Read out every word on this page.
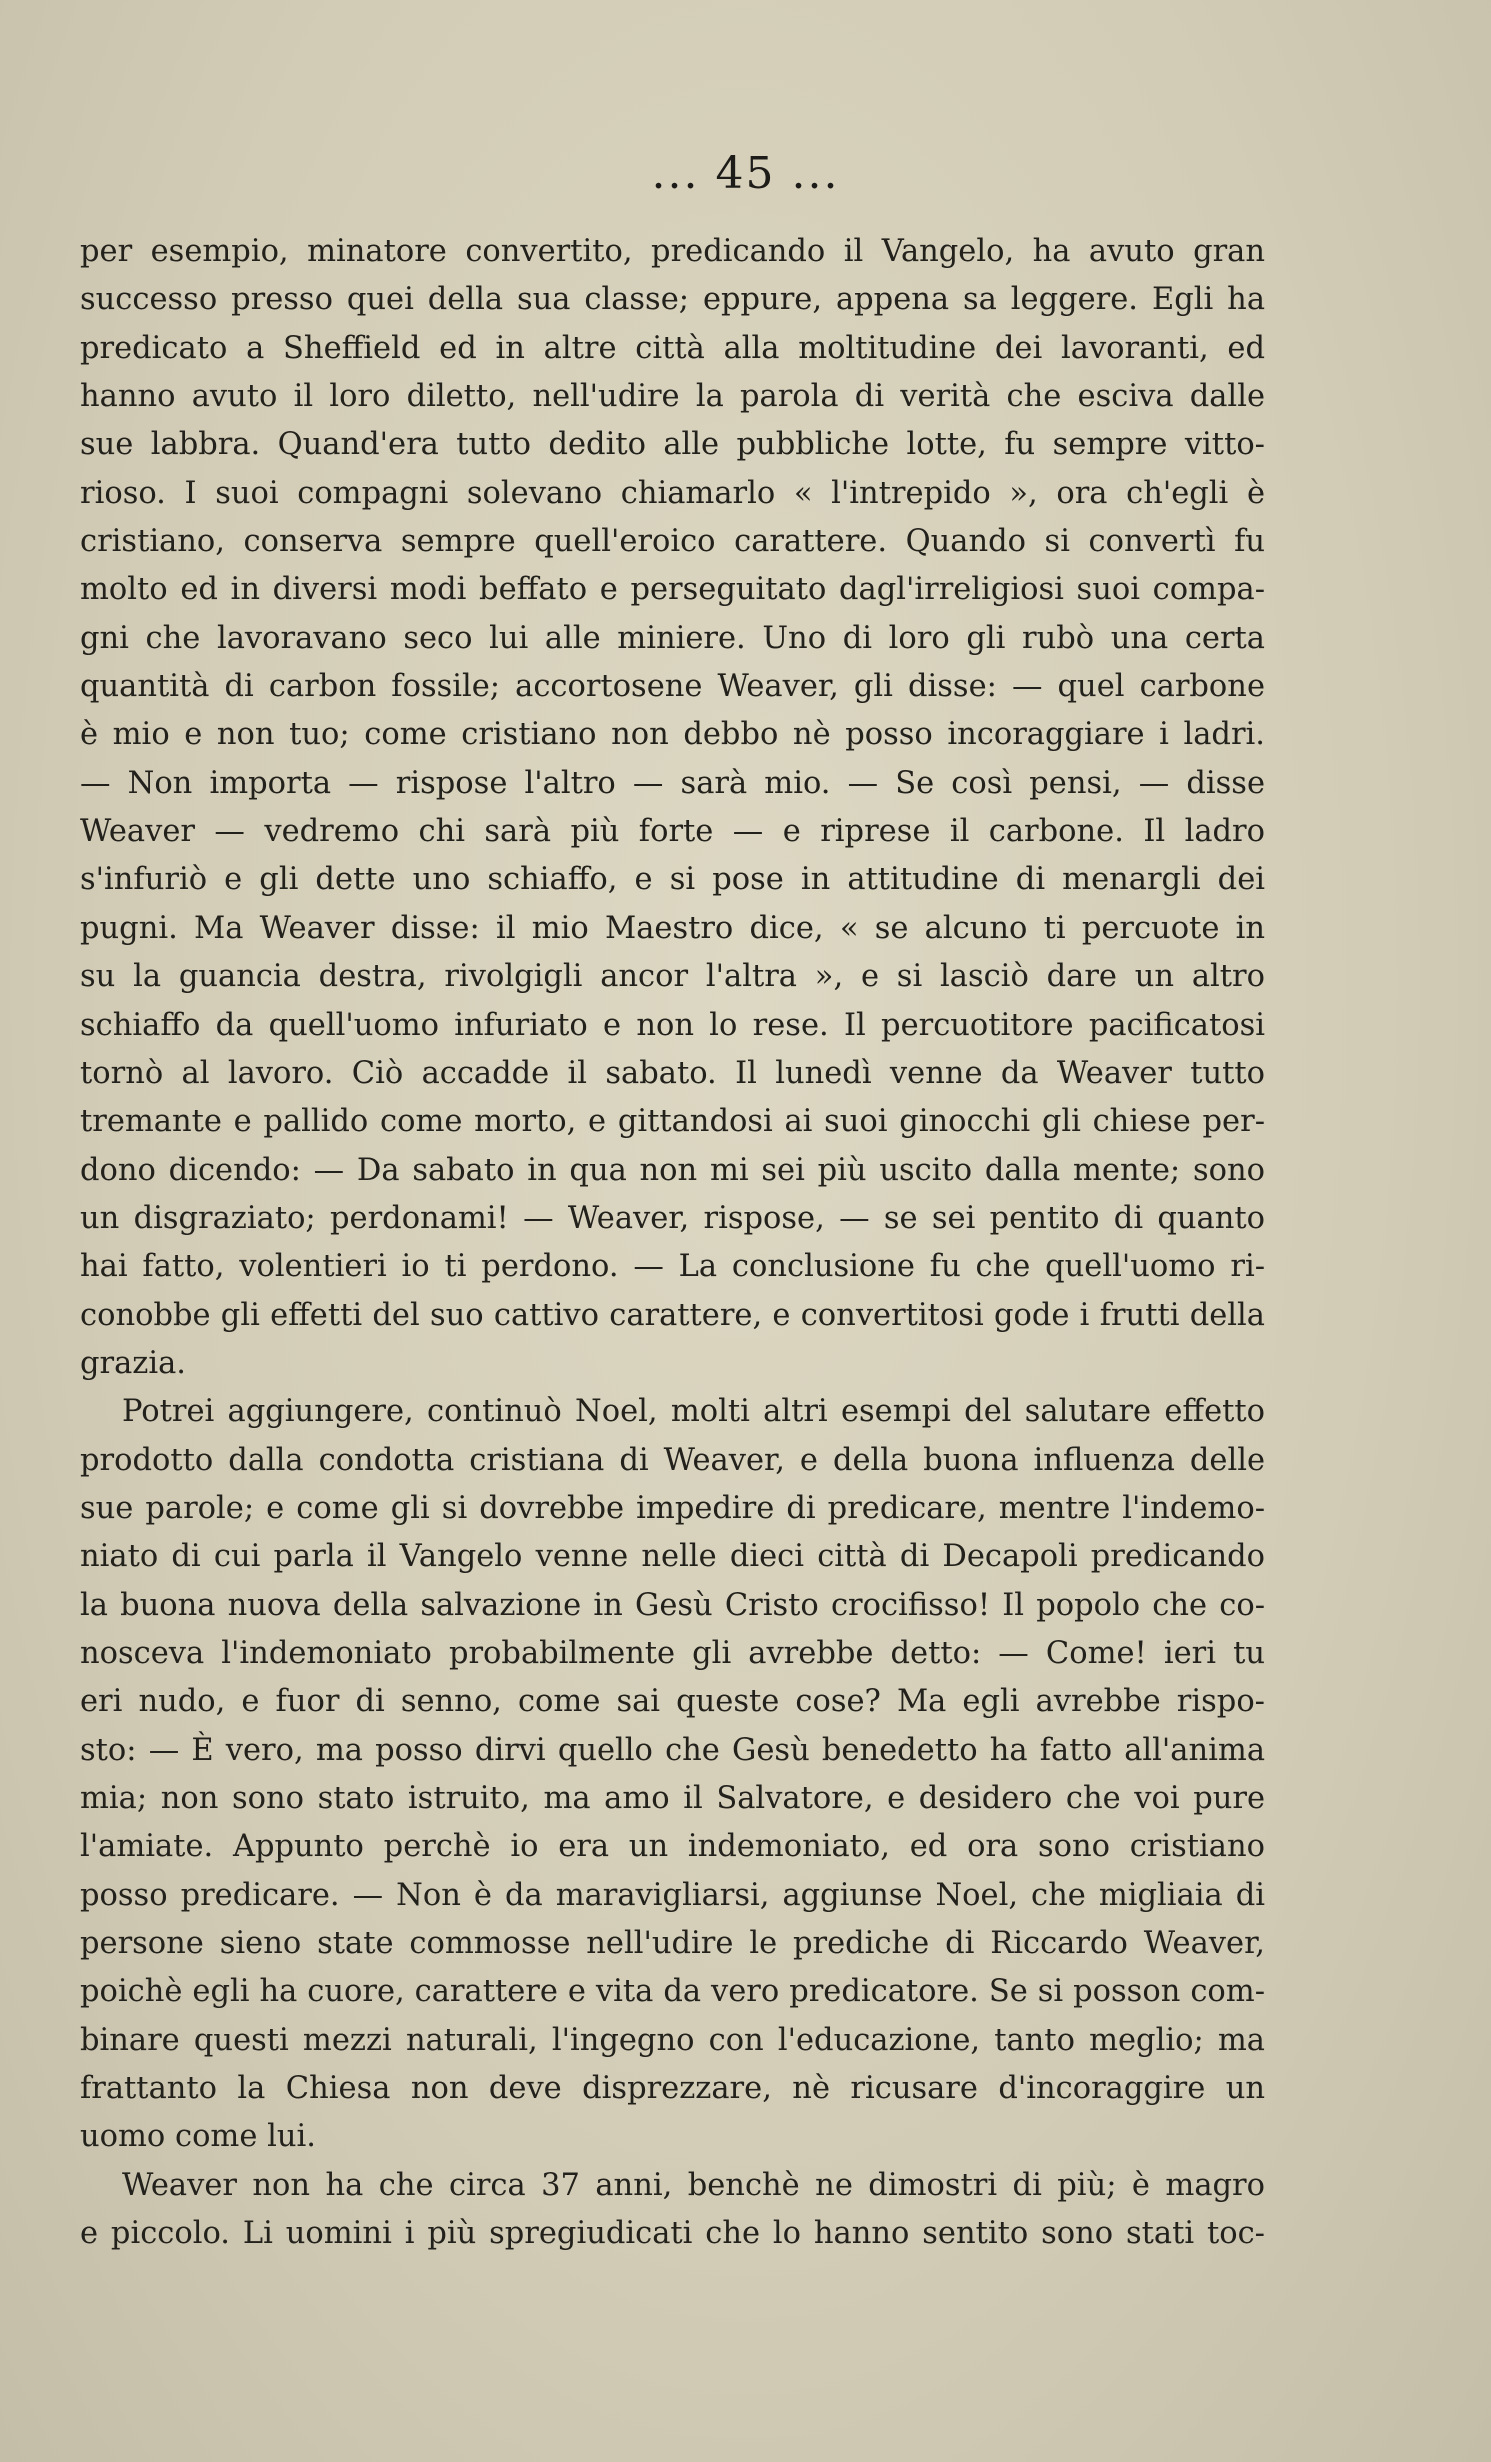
... 45 ...
per esempio, minatore convertito, predicando il Vangelo, ha avuto gran
successo presso quei della sua classe; eppure, appena sa leggere. Egli ha
predicato a Sheffield ed in altre città alla moltitudine dei lavoranti, ed
hanno avuto il loro diletto, nell'udire la parola di verità che esciva dalle
sue labbra. Quand'era tutto dedito alle pubbliche lotte, fu sempre vitto-
rioso. I suoi compagni solevano chiamarlo « l'intrepido », ora ch'egli è
cristiano, conserva sempre quell'eroico carattere. Quando si convertì fu
molto ed in diversi modi beffato e perseguitato dagl'irreligiosi suoi compa-
gni che lavoravano seco lui alle miniere. Uno di loro gli rubò una certa
quantità di carbon fossile; accortosene Weaver, gli disse: — quel carbone
è mio e non tuo; come cristiano non debbo nè posso incoraggiare i ladri.
— Non importa — rispose l'altro — sarà mio. — Se così pensi, — disse
Weaver — vedremo chi sarà più forte — e riprese il carbone. Il ladro
s'infuriò e gli dette uno schiaffo, e si pose in attitudine di menargli dei
pugni. Ma Weaver disse: il mio Maestro dice, « se alcuno ti percuote in
su la guancia destra, rivolgigli ancor l'altra », e si lasciò dare un altro
schiaffo da quell'uomo infuriato e non lo rese. Il percuotitore pacificatosi
tornò al lavoro. Ciò accadde il sabato. Il lunedì venne da Weaver tutto
tremante e pallido come morto, e gittandosi ai suoi ginocchi gli chiese per-
dono dicendo: — Da sabato in qua non mi sei più uscito dalla mente; sono
un disgraziato; perdonami! — Weaver, rispose, — se sei pentito di quanto
hai fatto, volentieri io ti perdono. — La conclusione fu che quell'uomo ri-
conobbe gli effetti del suo cattivo carattere, e convertitosi gode i frutti della
grazia.
Potrei aggiungere, continuò Noel, molti altri esempi del salutare effetto
prodotto dalla condotta cristiana di Weaver, e della buona influenza delle
sue parole; e come gli si dovrebbe impedire di predicare, mentre l'indemo-
niato di cui parla il Vangelo venne nelle dieci città di Decapoli predicando
la buona nuova della salvazione in Gesù Cristo crocifisso! Il popolo che co-
nosceva l'indemoniato probabilmente gli avrebbe detto: — Come! ieri tu
eri nudo, e fuor di senno, come sai queste cose? Ma egli avrebbe rispo-
sto: — È vero, ma posso dirvi quello che Gesù benedetto ha fatto all'anima
mia; non sono stato istruito, ma amo il Salvatore, e desidero che voi pure
l'amiate. Appunto perchè io era un indemoniato, ed ora sono cristiano
posso predicare. — Non è da maravigliarsi, aggiunse Noel, che migliaia di
persone sieno state commosse nell'udire le prediche di Riccardo Weaver,
poichè egli ha cuore, carattere e vita da vero predicatore. Se si posson com-
binare questi mezzi naturali, l'ingegno con l'educazione, tanto meglio; ma
frattanto la Chiesa non deve disprezzare, nè ricusare d'incoraggire un
uomo come lui.
Weaver non ha che circa 37 anni, benchè ne dimostri di più; è magro
e piccolo. Li uomini i più spregiudicati che lo hanno sentito sono stati toc-
